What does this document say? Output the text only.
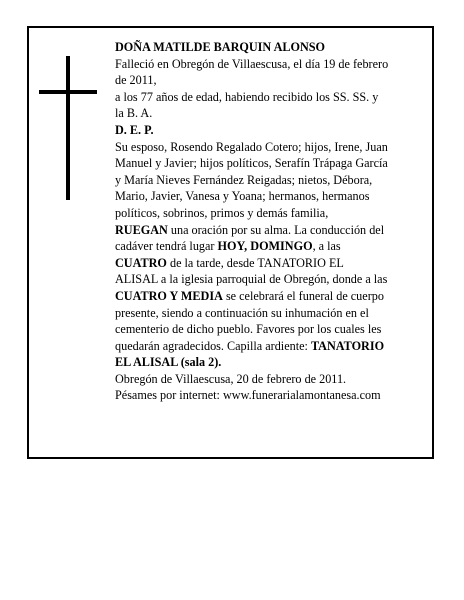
DOÑA MATILDE BARQUIN ALONSO
Falleció en Obregón de Villaescusa, el día 19 de febrero
de 2011,
a los 77 años de edad, habiendo recibido los SS. SS. y
la B. A.
D. E. P.
Su esposo, Rosendo Regalado Cotero; hijos, Irene, Juan
Manuel y Javier; hijos políticos, Serafín Trápaga García
y María Nieves Fernández Reigadas; nietos, Débora,
Mario, Javier, Vanesa y Yoana; hermanos, hermanos
políticos, sobrinos, primos y demás familia,
RUEGAN una oración por su alma. La conducción del
cadáver tendrá lugar HOY, DOMINGO, a las
CUATRO de la tarde, desde TANATORIO EL
ALISAL a la iglesia parroquial de Obregón, donde a las
CUATRO Y MEDIA se celebrará el funeral de cuerpo
presente, siendo a continuación su inhumación en el
cementerio de dicho pueblo. Favores por los cuales les
quedarán agradecidos. Capilla ardiente: TANATORIO
EL ALISAL (sala 2).
Obregón de Villaescusa, 20 de febrero de 2011.
Pésames por internet: www.funerarialamontanesa.com
